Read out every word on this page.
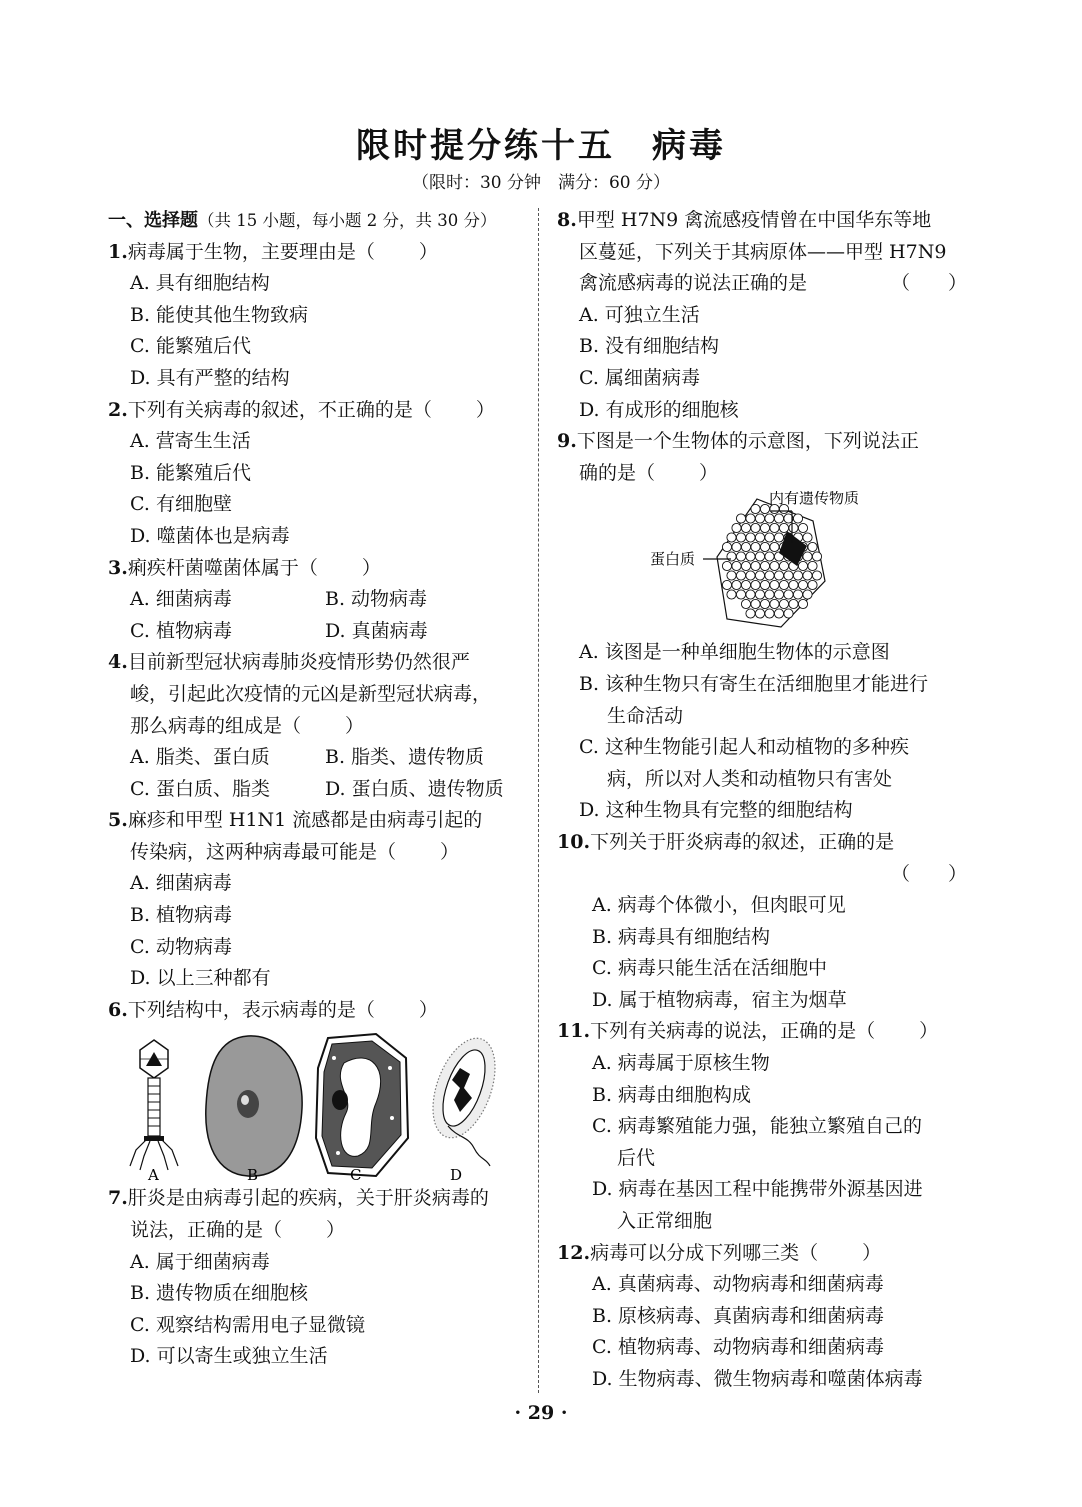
限时提分练十五　病毒
（限时：30 分钟　满分：60 分）
一、选择题（共 15 小题，每小题 2 分，共 30 分）
1.病毒属于生物，主要理由是（ ）
A. 具有细胞结构
B. 能使其他生物致病
C. 能繁殖后代
D. 具有严整的结构
2.下列有关病毒的叙述，不正确的是（ ）
A. 营寄生生活
B. 能繁殖后代
C. 有细胞壁
D. 噬菌体也是病毒
3.痢疾杆菌噬菌体属于（ ）
A. 细菌病毒	B. 动物病毒
C. 植物病毒	D. 真菌病毒
4.目前新型冠状病毒肺炎疫情形势仍然很严
峻，引起此次疫情的元凶是新型冠状病毒，
那么病毒的组成是（ ）
A. 脂类、蛋白质	B. 脂类、遗传物质
C. 蛋白质、脂类	D. 蛋白质、遗传物质
5.麻疹和甲型 H1N1 流感都是由病毒引起的
传染病，这两种病毒最可能是（ ）
A. 细菌病毒
B. 植物病毒
C. 动物病毒
D. 以上三种都有
6.下列结构中，表示病毒的是（ ）
A	B	C	D
7.肝炎是由病毒引起的疾病，关于肝炎病毒的
说法，正确的是（ ）
A. 属于细菌病毒
B. 遗传物质在细胞核
C. 观察结构需用电子显微镜
D. 可以寄生或独立生活
8.甲型 H7N9 禽流感疫情曾在中国华东等地
区蔓延，下列关于其病原体——甲型 H7N9
禽流感病毒的说法正确的是	（　　）
A. 可独立生活
B. 没有细胞结构
C. 属细菌病毒
D. 有成形的细胞核
9.下图是一个生物体的示意图，下列说法正
确的是（ ）
内有遗传物质
蛋白质
A. 该图是一种单细胞生物体的示意图
B. 该种生物只有寄生在活细胞里才能进行
生命活动
C. 这种生物能引起人和动植物的多种疾
病，所以对人类和动植物只有害处
D. 这种生物具有完整的细胞结构
10.下列关于肝炎病毒的叙述，正确的是
（　　）
A. 病毒个体微小，但肉眼可见
B. 病毒具有细胞结构
C. 病毒只能生活在活细胞中
D. 属于植物病毒，宿主为烟草
11.下列有关病毒的说法，正确的是（ ）
A. 病毒属于原核生物
B. 病毒由细胞构成
C. 病毒繁殖能力强，能独立繁殖自己的
后代
D. 病毒在基因工程中能携带外源基因进
入正常细胞
12.病毒可以分成下列哪三类（ ）
A. 真菌病毒、动物病毒和细菌病毒
B. 原核病毒、真菌病毒和细菌病毒
C. 植物病毒、动物病毒和细菌病毒
D. 生物病毒、微生物病毒和噬菌体病毒
· 29 ·
